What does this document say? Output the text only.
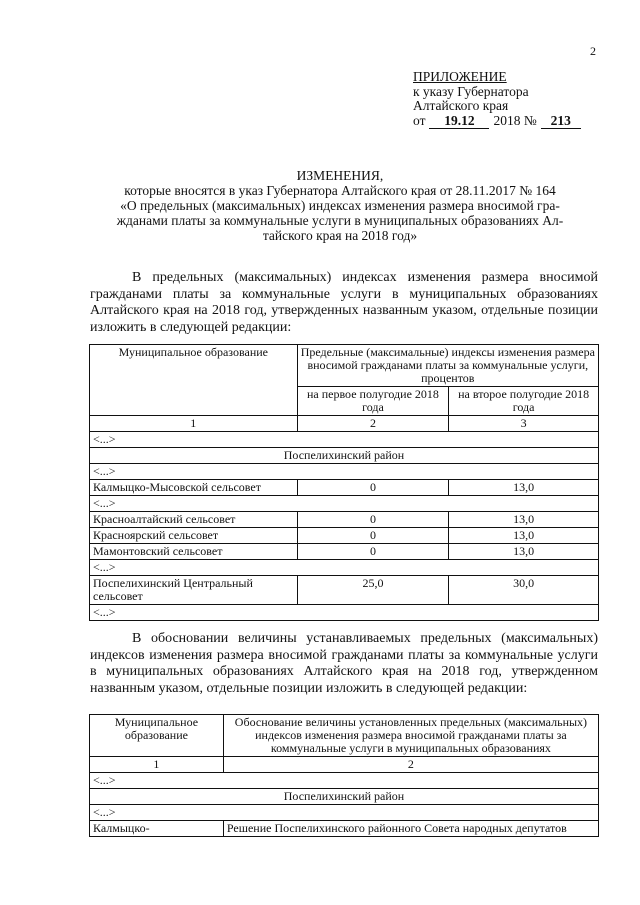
2
ПРИЛОЖЕНИЕ
к указу Губернатора
Алтайского края
от	19.12	2018 №	213
ИЗМЕНЕНИЯ,
которые вносятся в указ Губернатора Алтайского края от 28.11.2017 № 164
«О предельных (максимальных) индексах изменения размера вносимой гра-
жданами платы за коммунальные услуги в муниципальных образованиях Ал-
тайского края на 2018 год»
В предельных (максимальных) индексах изменения размера вносимой гражданами платы за коммунальные услуги в муниципальных образованиях Алтайского края на 2018 год, утвержденных названным указом, отдельные позиции изложить в следующей редакции:
Муниципальное образование	Предельные (максимальные) индексы изменения размера вносимой гражданами платы за коммунальные услуги, процентов	
	на первое полугодие 2018 года	на второе полугодие 2018 года
1	2	3
<...>		
Поспелихинский район		
<...>		
Калмыцко-Мысовской сельсовет	0	13,0
<...>		
Красноалтайский сельсовет	0	13,0
Красноярский сельсовет	0	13,0
Мамонтовский сельсовет	0	13,0
<...>		
Поспелихинский Центральный сельсовет	25,0	30,0
<...>		
В обосновании величины устанавливаемых предельных (максимальных) индексов изменения размера вносимой гражданами платы за коммунальные услуги в муниципальных образованиях Алтайского края на 2018 год, утвержденном названным указом, отдельные позиции изложить в следующей редакции:
Муниципальное образование	Обоснование величины установленных предельных (максимальных) индексов изменения размера вносимой гражданами платы за коммунальные услуги в муниципальных образованиях
1	2
<...>	
Поспелихинский район	
<...>	
Калмыцко-	Решение Поспелихинского районного Совета народных депутатов
